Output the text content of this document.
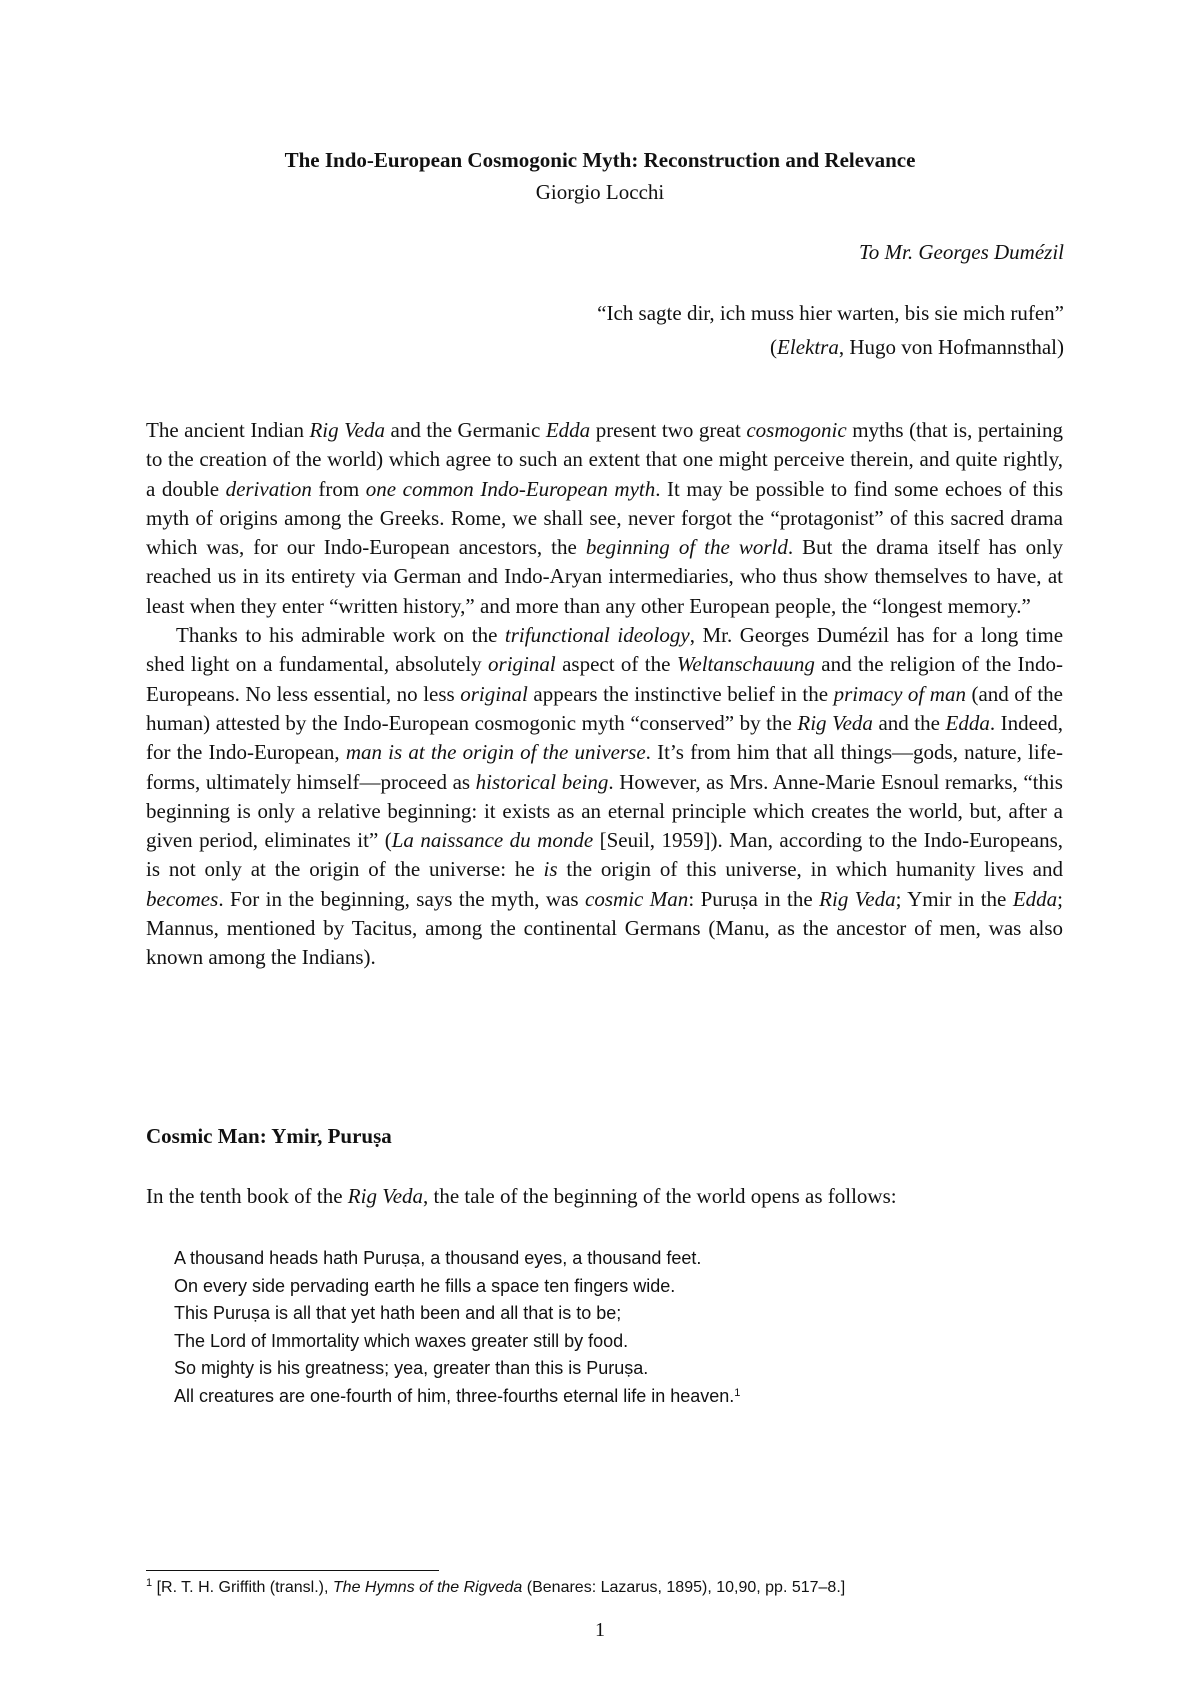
The Indo-European Cosmogonic Myth: Reconstruction and Relevance
Giorgio Locchi
To Mr. Georges Dumézil
“Ich sagte dir, ich muss hier warten, bis sie mich rufen”
(Elektra, Hugo von Hofmannsthal)

The ancient Indian Rig Veda and the Germanic Edda present two great cosmogonic myths (that is, pertaining to the creation of the world) which agree to such an extent that one might perceive therein, and quite rightly, a double derivation from one common Indo-European myth. It may be possible to find some echoes of this myth of origins among the Greeks. Rome, we shall see, never forgot the “protagonist” of this sacred drama which was, for our Indo-European ancestors, the beginning of the world. But the drama itself has only reached us in its entirety via German and Indo-Aryan intermediaries, who thus show themselves to have, at least when they enter “written history,” and more than any other European people, the “longest memory.”

Thanks to his admirable work on the trifunctional ideology, Mr. Georges Dumézil has for a long time shed light on a fundamental, absolutely original aspect of the Weltanschauung and the religion of the Indo-Europeans. No less essential, no less original appears the instinctive belief in the primacy of man (and of the human) attested by the Indo-European cosmogonic myth “conserved” by the Rig Veda and the Edda. Indeed, for the Indo-European, man is at the origin of the universe. It’s from him that all things—gods, nature, life-forms, ultimately himself—proceed as historical being. However, as Mrs. Anne-Marie Esnoul remarks, “this beginning is only a relative beginning: it exists as an eternal principle which creates the world, but, after a given period, eliminates it” (La naissance du monde [Seuil, 1959]). Man, according to the Indo-Europeans, is not only at the origin of the universe: he is the origin of this universe, in which humanity lives and becomes. For in the beginning, says the myth, was cosmic Man: Puruṣa in the Rig Veda; Ymir in the Edda; Mannus, mentioned by Tacitus, among the continental Germans (Manu, as the ancestor of men, was also known among the Indians).

Cosmic Man: Ymir, Puruṣa
In the tenth book of the Rig Veda, the tale of the beginning of the world opens as follows:
A thousand heads hath Puruṣa, a thousand eyes, a thousand feet.
On every side pervading earth he fills a space ten fingers wide.
This Puruṣa is all that yet hath been and all that is to be;
The Lord of Immortality which waxes greater still by food.
So mighty is his greatness; yea, greater than this is Puruṣa.
All creatures are one-fourth of him, three-fourths eternal life in heaven.$^1$
$^1$ [R. T. H. Griffith (transl.), The Hymns of the Rigveda (Benares: Lazarus, 1895), 10,90, pp. 517–8.]
1
